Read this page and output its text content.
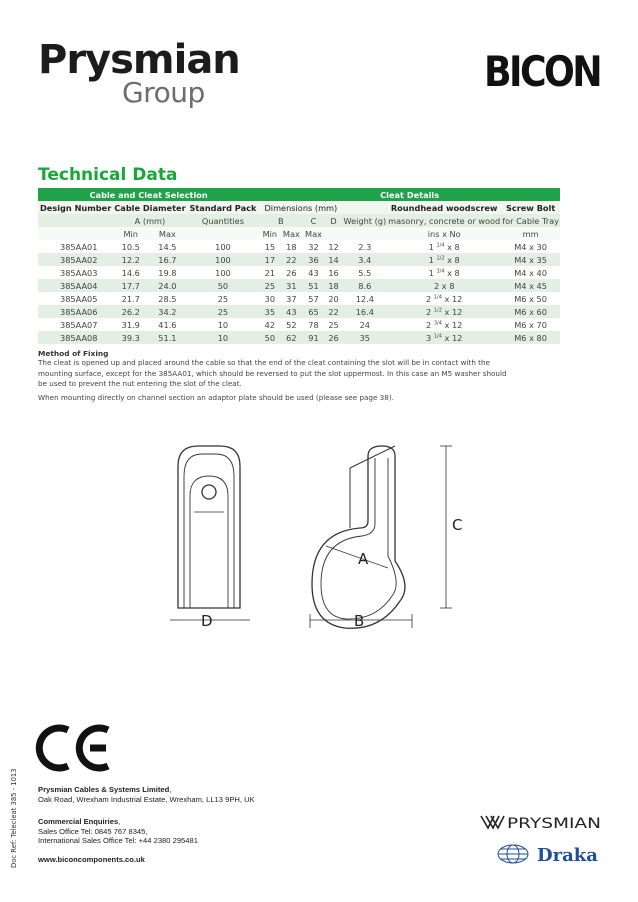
Prysmian
Group	BICON
Technical Data
Cable and Cleat Selection				Cleat Details						
Design Number	Cable Diameter		Standard Pack	Dimensions (mm)					Roundhead woodscrew	Screw Bolt
	A (mm)		Quantities	B		C	D	Weight (g)	masonry, concrete or wood	for Cable Tray
	Min	Max		Min	Max	Max			ins x No	mm
385AA01	10.5	14.5	100	15	18	32	12	2.3	1 $^{1/4}$ x 8	M4 x 30
385AA02	12.2	16.7	100	17	22	36	14	3.4	1 $^{1/2}$ x 8	M4 x 35
385AA03	14.6	19.8	100	21	26	43	16	5.5	1 $^{3/4}$ x 8	M4 x 40
385AA04	17.7	24.0	50	25	31	51	18	8.6	2 x 8	M4 x 45
385AA05	21.7	28.5	25	30	37	57	20	12.4	2 $^{1/4}$ x 12	M6 x 50
385AA06	26.2	34.2	25	35	43	65	22	16.4	2 $^{1/2}$ x 12	M6 x 60
385AA07	31.9	41.6	10	42	52	78	25	24	2 $^{3/4}$ x 12	M6 x 70
385AA08	39.3	51.1	10	50	62	91	26	35	3 $^{1/4}$ x 12	M6 x 80
Method of Fixing
The cleat is opened up and placed around the cable so that the end of the cleat containing the slot will be in contact with the mounting surface, except for the 385AA01, which should be reversed to put the slot uppermost. In this case an M5 washer should be used to prevent the nut entering the slot of the cleat.
When mounting directly on channel section an adaptor plate should be used (please see page 38).
D	B
C
A
Doc Ref: Telecleat 385 - 1013	Prysmian Cables & Systems Limited,
Oak Road, Wrexham Industrial Estate, Wrexham, LL13 9PH, UK
Commercial Enquiries,
Sales Office Tel: 0845 767 8345,
International Sales Office Tel: +44 2380 295481
www.biconcomponents.co.uk
PRYSMIAN
Draka
